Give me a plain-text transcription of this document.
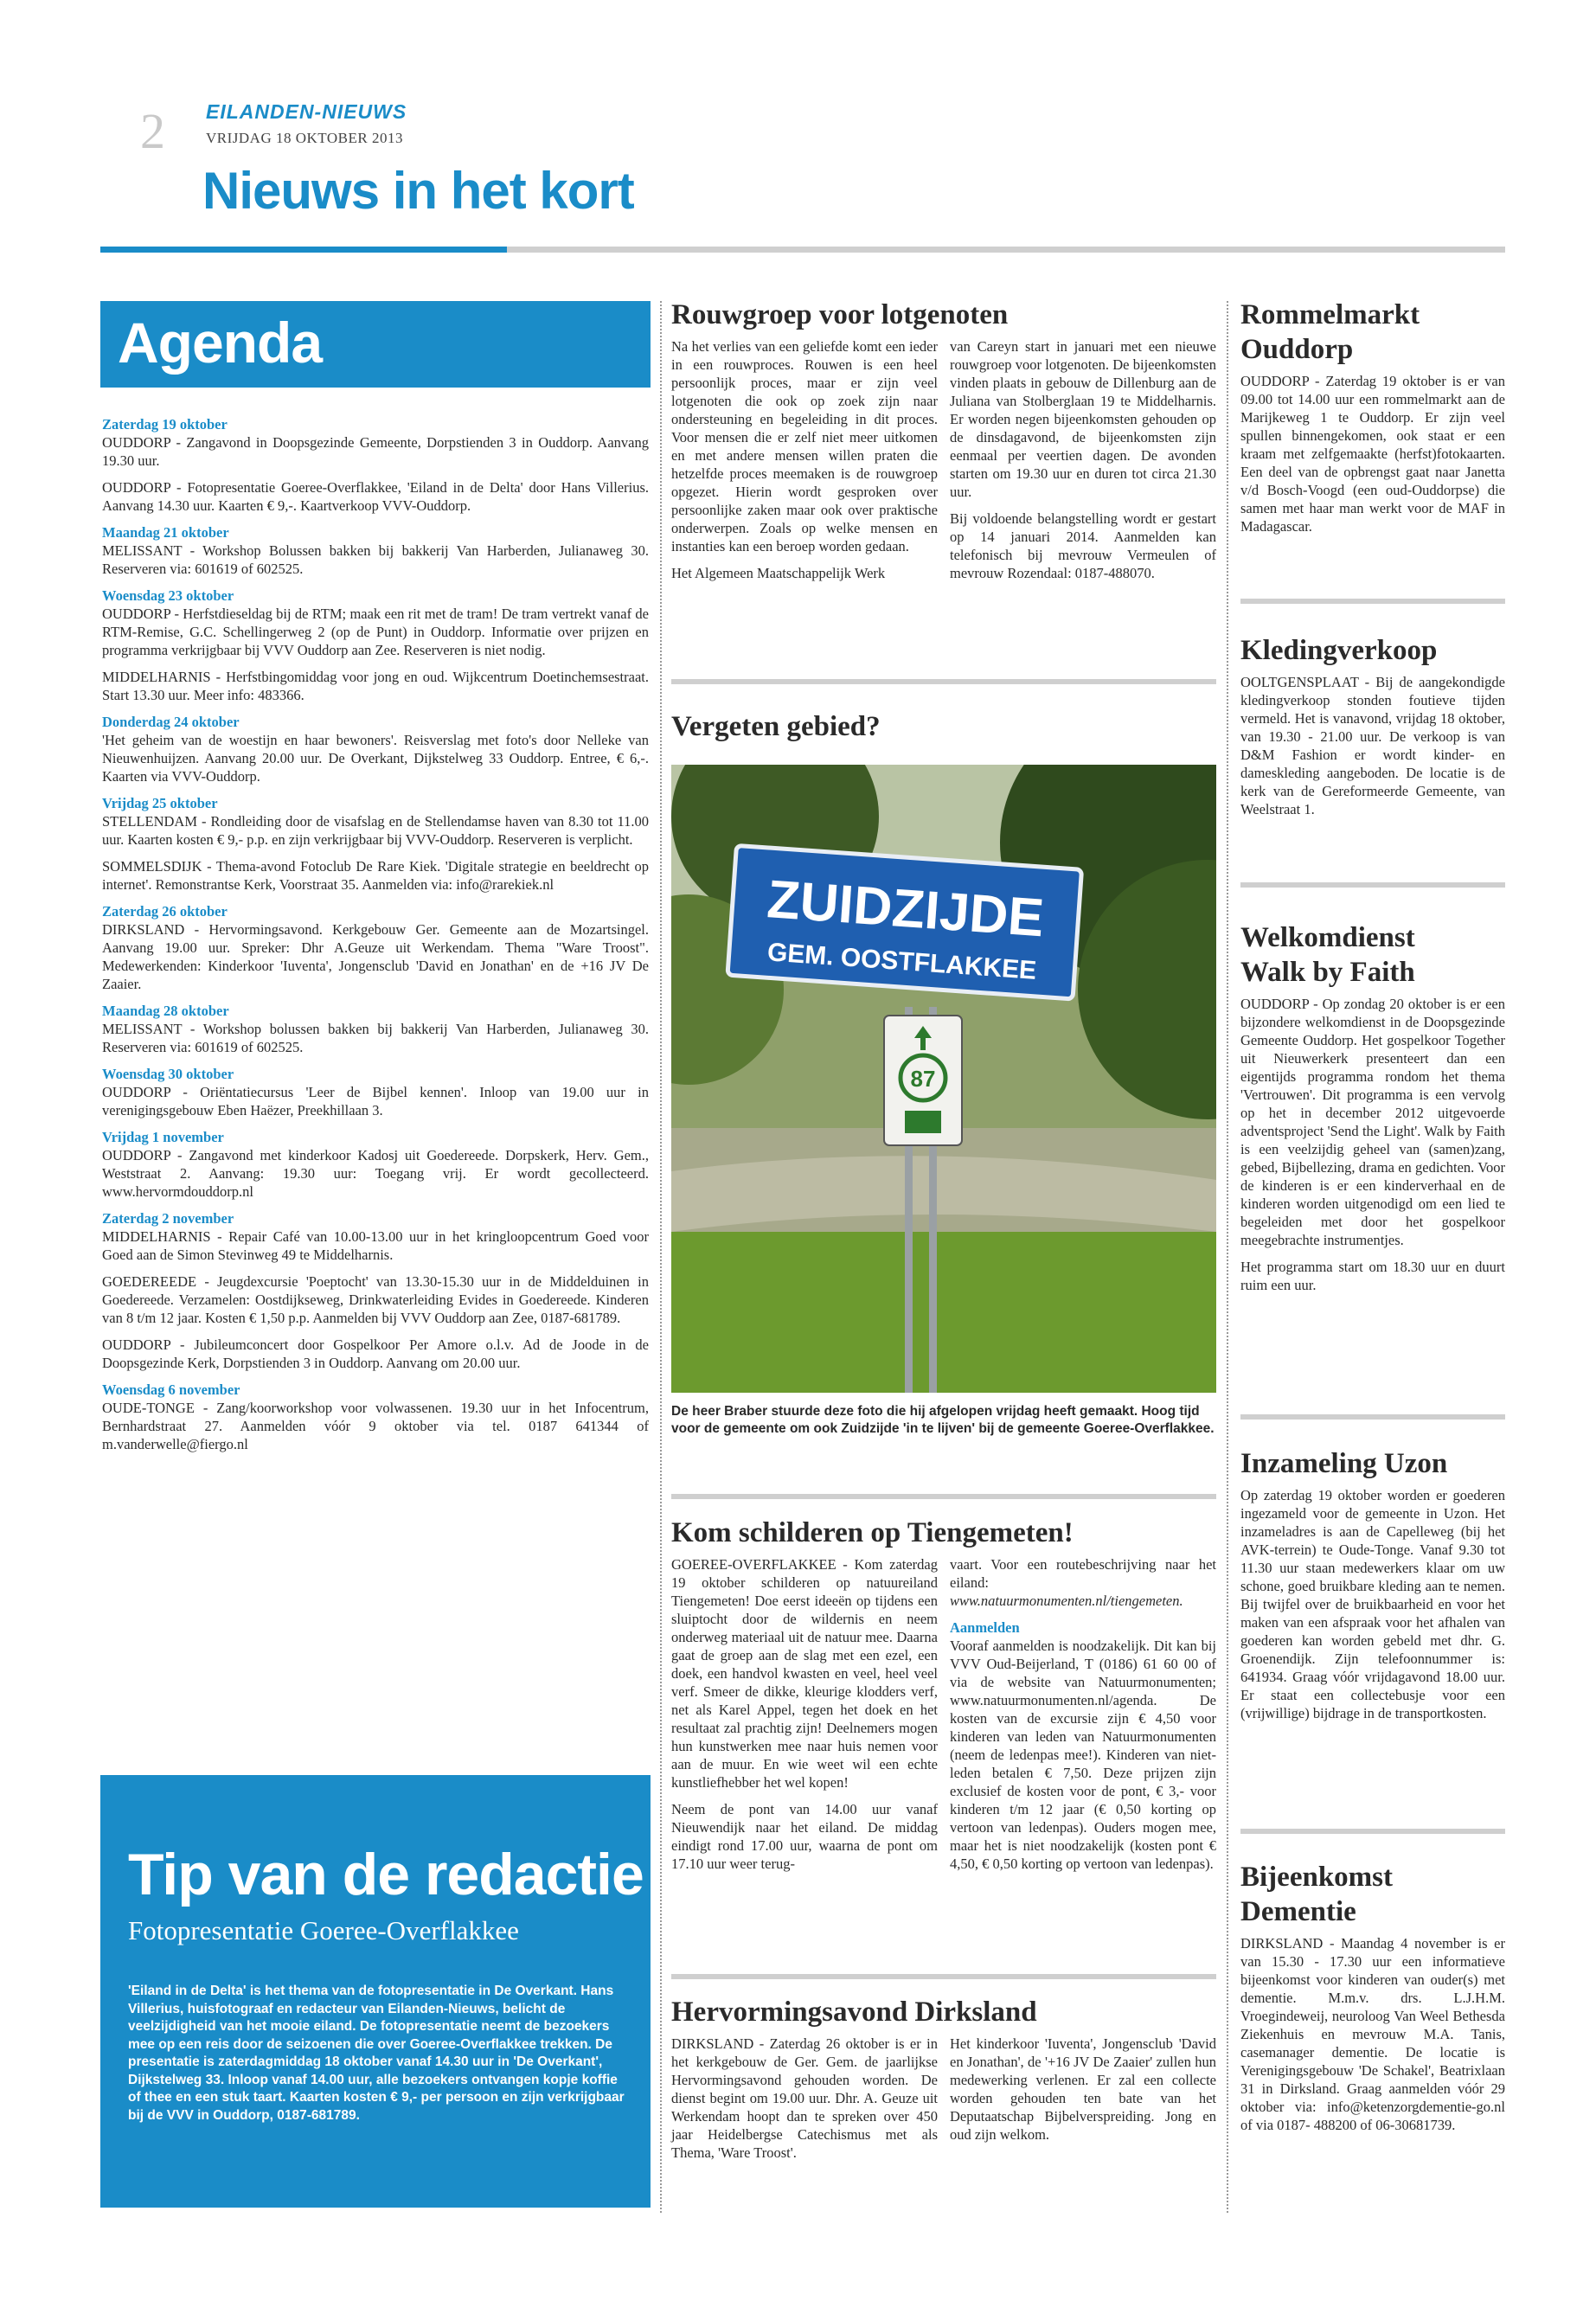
2 EILANDEN-NIEUWS
VRIJDAG 18 OKTOBER 2013
Nieuws in het kort
Agenda
Zaterdag 19 oktober

OUDDORP - Zangavond in Doopsgezinde Gemeente, Dorpstienden 3 in Ouddorp. Aanvang 19.30 uur.

OUDDORP - Fotopresentatie Goeree-Overflakkee, 'Eiland in de Delta' door Hans Villerius. Aanvang 14.30 uur. Kaarten € 9,-. Kaartverkoop VVV-Ouddorp.

Maandag 21 oktober

MELISSANT - Workshop Bolussen bakken bij bakkerij Van Harberden, Julianaweg 30. Reserveren via: 601619 of 602525.

Woensdag 23 oktober

OUDDORP - Herfstdieseldag bij de RTM; maak een rit met de tram! De tram vertrekt vanaf de RTM-Remise, G.C. Schellingerweg 2 (op de Punt) in Ouddorp. Informatie over prijzen en programma verkrijgbaar bij VVV Ouddorp aan Zee. Reserveren is niet nodig.

MIDDELHARNIS - Herfstbingomiddag voor jong en oud. Wijkcentrum Doetinchemsestraat. Start 13.30 uur. Meer info: 483366.

Donderdag 24 oktober

'Het geheim van de woestijn en haar bewoners'. Reisverslag met foto's door Nelleke van Nieuwenhuijzen. Aanvang 20.00 uur. De Overkant, Dijkstelweg 33 Ouddorp. Entree, € 6,-. Kaarten via VVV-Ouddorp.

Vrijdag 25 oktober

STELLENDAM - Rondleiding door de visafslag en de Stellendamse haven van 8.30 tot 11.00 uur. Kaarten kosten € 9,- p.p. en zijn verkrijgbaar bij VVV-Ouddorp. Reserveren is verplicht.

SOMMELSDIJK - Thema-avond Fotoclub De Rare Kiek. 'Digitale strategie en beeldrecht op internet'. Remonstrantse Kerk, Voorstraat 35. Aanmelden via: info@rarekiek.nl

Zaterdag 26 oktober

DIRKSLAND - Hervormingsavond. Kerkgebouw Ger. Gemeente aan de Mozartsingel. Aanvang 19.00 uur. Spreker: Dhr A.Geuze uit Werkendam. Thema "Ware Troost". Medewerkenden: Kinderkoor 'Iuventa', Jongensclub 'David en Jonathan' en de +16 JV De Zaaier.

Maandag 28 oktober

MELISSANT - Workshop bolussen bakken bij bakkerij Van Harberden, Julianaweg 30. Reserveren via: 601619 of 602525.

Woensdag 30 oktober

OUDDORP - Oriëntatiecursus 'Leer de Bijbel kennen'. Inloop van 19.00 uur in verenigingsgebouw Eben Haëzer, Preekhillaan 3.

Vrijdag 1 november

OUDDORP - Zangavond met kinderkoor Kadosj uit Goedereede. Dorpskerk, Herv. Gem., Weststraat 2. Aanvang: 19.30 uur: Toegang vrij. Er wordt gecollecteerd. www.hervormdouddorp.nl

Zaterdag 2 november

MIDDELHARNIS - Repair Café van 10.00-13.00 uur in het kringloopcentrum Goed voor Goed aan de Simon Stevinweg 49 te Middelharnis.

GOEDEREEDE - Jeugdexcursie 'Poeptocht' van 13.30-15.30 uur in de Middelduinen in Goedereede. Verzamelen: Oostdijkseweg, Drinkwaterleiding Evides in Goedereede. Kinderen van 8 t/m 12 jaar. Kosten € 1,50 p.p. Aanmelden bij VVV Ouddorp aan Zee, 0187-681789.

OUDDORP - Jubileumconcert door Gospelkoor Per Amore o.l.v. Ad de Joode in de Doopsgezinde Kerk, Dorpstienden 3 in Ouddorp. Aanvang om 20.00 uur.

Woensdag 6 november

OUDE-TONGE - Zang/koorworkshop voor volwassenen. 19.30 uur in het Infocentrum, Bernhardstraat 27. Aanmelden vóór 9 oktober via tel. 0187 641344 of m.vanderwelle@fiergo.nl

Tip van de redactie
Fotopresentatie Goeree-Overflakkee
'Eiland in de Delta' is het thema van de fotopresentatie in De Overkant. Hans Villerius, huisfotograaf en redacteur van Eilanden-Nieuws, belicht de veelzijdigheid van het mooie eiland. De fotopresentatie neemt de bezoekers mee op een reis door de seizoenen die over Goeree-Overflakkee trekken. De presentatie is zaterdagmiddag 18 oktober vanaf 14.30 uur in 'De Overkant', Dijkstelweg 33. Inloop vanaf 14.00 uur, alle bezoekers ontvangen kopje koffie of thee en een stuk taart. Kaarten kosten € 9,- per persoon en zijn verkrijgbaar bij de VVV in Ouddorp, 0187-681789.
Rouwgroep voor lotgenoten

Na het verlies van een geliefde komt een ieder in een rouwproces. Rouwen is een heel persoonlijk proces, maar er zijn veel lotgenoten die ook op zoek zijn naar ondersteuning en begeleiding in dit proces. Voor mensen die er zelf niet meer uitkomen en met andere mensen willen praten die hetzelfde proces meemaken is de rouwgroep opgezet. Hierin wordt gesproken over persoonlijke zaken maar ook over praktische onderwerpen. Zoals op welke mensen en instanties kan een beroep worden gedaan.

Het Algemeen Maatschappelijk Werk

van Careyn start in januari met een nieuwe rouwgroep voor lotgenoten. De bijeenkomsten vinden plaats in gebouw de Dillenburg aan de Juliana van Stolberglaan 19 te Middelharnis. Er worden negen bijeenkomsten gehouden op de dinsdagavond, de bijeenkomsten zijn eenmaal per veertien dagen. De avonden starten om 19.30 uur en duren tot circa 21.30 uur.

Bij voldoende belangstelling wordt er gestart op 14 januari 2014. Aanmelden kan telefonisch bij mevrouw Vermeulen of mevrouw Rozendaal: 0187-488070.

Vergeten gebied?
ZUIDZIJDE
GEM. OOSTFLAKKEE
87
De heer Braber stuurde deze foto die hij afgelopen vrijdag heeft gemaakt. Hoog tijd voor de gemeente om ook Zuidzijde 'in te lijven' bij de gemeente Goeree-Overflakkee.
Kom schilderen op Tiengemeten!

GOEREE-OVERFLAKKEE - Kom zaterdag 19 oktober schilderen op natuureiland Tiengemeten! Doe eerst ideeën op tijdens een sluiptocht door de wildernis en neem onderweg materiaal uit de natuur mee. Daarna gaat de groep aan de slag met een ezel, een doek, een handvol kwasten en veel, heel veel verf. Smeer de dikke, kleurige klodders verf, net als Karel Appel, tegen het doek en het resultaat zal prachtig zijn! Deelnemers mogen hun kunstwerken mee naar huis nemen voor aan de muur. En wie weet wil een echte kunstliefhebber het wel kopen!

Neem de pont van 14.00 uur vanaf Nieuwendijk naar het eiland. De middag eindigt rond 17.00 uur, waarna de pont om 17.10 uur weer terug-

vaart. Voor een routebeschrijving naar het eiland: www.natuurmonumenten.nl/tiengemeten.

Aanmelden

Vooraf aanmelden is noodzakelijk. Dit kan bij VVV Oud-Beijerland, T (0186) 61 60 00 of via de website van Natuurmonumenten; www.natuurmonumenten.nl/agenda. De kosten van de excursie zijn € 4,50 voor kinderen van leden van Natuurmonumenten (neem de ledenpas mee!). Kinderen van niet-leden betalen € 7,50. Deze prijzen zijn exclusief de kosten voor de pont, € 3,- voor kinderen t/m 12 jaar (€ 0,50 korting op vertoon van ledenpas). Ouders mogen mee, maar het is niet noodzakelijk (kosten pont € 4,50, € 0,50 korting op vertoon van ledenpas).

Hervormingsavond Dirksland
DIRKSLAND - Zaterdag 26 oktober is er in het kerkgebouw de Ger. Gem. de jaarlijkse Hervormingsavond gehouden worden. De dienst begint om 19.00 uur. Dhr. A. Geuze uit Werkendam hoopt dan te spreken over 450 jaar Heidelbergse Catechismus met als Thema, 'Ware Troost'.
Het kinderkoor 'Iuventa', Jongensclub 'David en Jonathan', de '+16 JV De Zaaier' zullen hun medewerking verlenen. Er zal een collecte worden gehouden ten bate van het Deputaatschap Bijbelverspreiding. Jong en oud zijn welkom.
Rommelmarkt Ouddorp
OUDDORP - Zaterdag 19 oktober is er van 09.00 tot 14.00 uur een rommelmarkt aan de Marijkeweg 1 te Ouddorp. Er zijn veel spullen binnengekomen, ook staat er een kraam met zelfgemaakte (herfst)fotokaarten. Een deel van de opbrengst gaat naar Janetta v/d Bosch-Voogd (een oud-Ouddorpse) die samen met haar man werkt voor de MAF in Madagascar.
Kledingverkoop
OOLTGENSPLAAT - Bij de aangekondigde kledingverkoop stonden foutieve tijden vermeld. Het is vanavond, vrijdag 18 oktober, van 19.30 - 21.00 uur. De verkoop is van D&M Fashion er wordt kinder- en dameskleding aangeboden. De locatie is de kerk van de Gereformeerde Gemeente, van Weelstraat 1.
Welkomdienst Walk by Faith

OUDDORP - Op zondag 20 oktober is er een bijzondere welkomdienst in de Doopsgezinde Gemeente Ouddorp. Het gospelkoor Together uit Nieuwerkerk presenteert dan een eigentijds programma rondom het thema 'Vertrouwen'. Dit programma is een vervolg op het in december 2012 uitgevoerde adventsproject 'Send the Light'. Walk by Faith is een veelzijdig geheel van (samen)zang, gebed, Bijbellezing, drama en gedichten. Voor de kinderen is er een kinderverhaal en de kinderen worden uitgenodigd om een lied te begeleiden met door het gospelkoor meegebrachte instrumentjes.

Het programma start om 18.30 uur en duurt ruim een uur.

Inzameling Uzon
Op zaterdag 19 oktober worden er goederen ingezameld voor de gemeente in Uzon. Het inzameladres is aan de Capelleweg (bij het AVK-terrein) te Oude-Tonge. Vanaf 9.30 tot 11.30 uur staan medewerkers klaar om uw schone, goed bruikbare kleding aan te nemen. Bij twijfel over de bruikbaarheid en voor het maken van een afspraak voor het afhalen van goederen kan worden gebeld met dhr. G. Groenendijk. Zijn telefoonnummer is: 641934. Graag vóór vrijdagavond 18.00 uur. Er staat een collectebusje voor een (vrijwillige) bijdrage in de transportkosten.
Bijeenkomst Dementie
DIRKSLAND - Maandag 4 november is er van 15.30 - 17.30 uur een informatieve bijeenkomst voor kinderen van ouder(s) met dementie. M.m.v. drs. L.J.H.M. Vroegindeweij, neuroloog Van Weel Bethesda Ziekenhuis en mevrouw M.A. Tanis, casemanager dementie. De locatie is Verenigingsgebouw 'De Schakel', Beatrixlaan 31 in Dirksland. Graag aanmelden vóór 29 oktober via: info@ketenzorgdementie-go.nl of via 0187- 488200 of 06-30681739.
